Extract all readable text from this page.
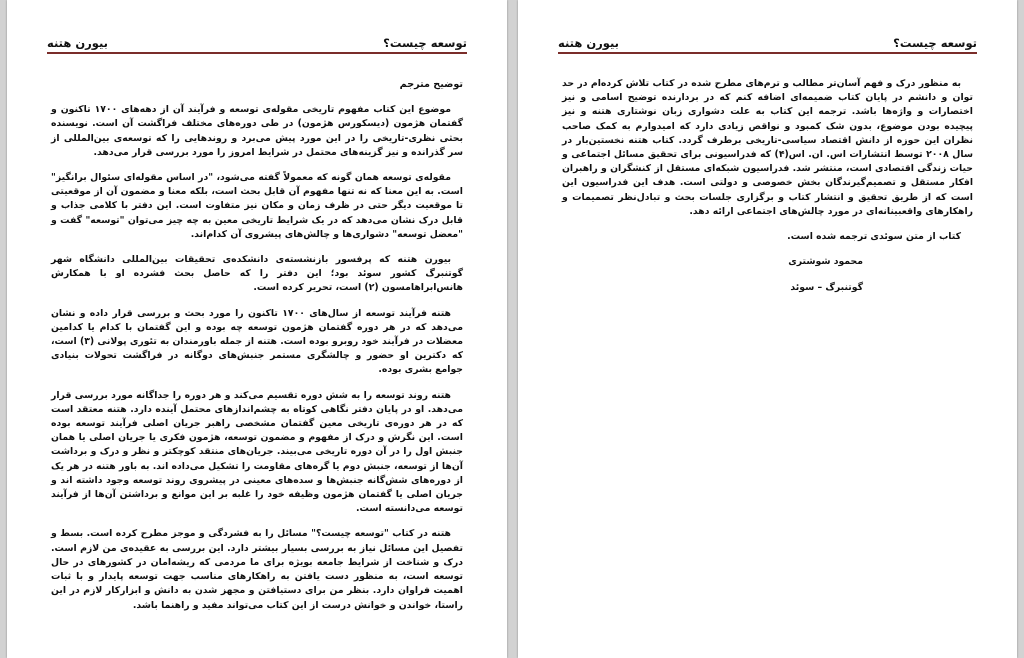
توسعه چیست؟
بیورن هتنه

توضیح مترجم

موضوع این کتاب مفهوم تاریخی مقوله‌ی توسعه و فرآیند آن از دهه‌های ۱۷۰۰ تاکنون و گفتمان هژمون (دیسکورس هژمون) در طی دوره‌های مختلف فراگشت آن است. نویسنده بحثی نظری-تاریخی را در این مورد پیش می‌برد و روندهایی را که توسعه‌ی بین‌المللی از سر گذرانده و نیز گزینه‌های محتمل در شرایط امروز را مورد بررسی قرار می‌دهد.

مقوله‌ی توسعه همان گونه که معمولاً گفته می‌شود، "در اساس مقوله‌ای سئوال برانگیز" است. به این معنا که نه تنها مفهوم آن قابل بحث است، بلکه معنا و مضمون آن از موقعیتی تا موقعیت دیگر حتی در ظرف زمان و مکان نیز متفاوت است. این دفتر با کلامی جذاب و قابل درک نشان می‌دهد که در یک شرایط تاریخی معین به چه چیز می‌توان "توسعه" گفت و "معضل توسعه" دشواری‌ها و چالش‌های پیشروی آن کدام‌اند.

بیورن هتنه که پرفسور بازنشسته‌ی دانشکده‌ی تحقیقات بین‌المللی دانشگاه شهر گوتنبرگ کشور سوئد بود؛ این دفتر را که حاصل بحث فشرده او با همکارش هانس‌ابراهامسون (۲) است، تحریر کرده است.

هتنه فرآیند توسعه از سال‌های ۱۷۰۰ تاکنون را مورد بحث و بررسی قرار داده و نشان می‌دهد که در هر دوره گفتمان هژمون توسعه چه بوده و این گفتمان با کدام یا کدامین معضلات در فرآیند خود روبرو بوده است. هتنه از جمله باورمندان به تئوری پولانی (۳) است، که دکترین او حضور و چالشگری مستمر جنبش‌های دوگانه در فراگشت تحولات بنیادی جوامع بشری بوده.

هتنه روند توسعه را به شش دوره تقسیم می‌کند و هر دوره را جداگانه مورد بررسی قرار می‌دهد. او در پایان دفتر نگاهی کوتاه به چشم‌اندازهای محتمل آینده دارد. هتنه معتقد است که در هر دوره‌ی تاریخی معین گفتمان مشخصی راهبر جریان اصلی فرآیند توسعه بوده است. این نگرش و درک از مفهوم و مضمون توسعه، هژمون فکری یا جریان اصلی یا همان جنبش اول را در آن دوره تاریخی می‌بیند. جریان‌های منتقد کوچکتر و نظر و درک و برداشت آن‌ها از توسعه، جنبش دوم یا گره‌های مقاومت را تشکیل می‌داده اند. به باور هتنه در هر یک از دوره‌های شش‌گانه جنبش‌ها و سده‌های معینی در پیشروی روند توسعه وجود داشته اند و جریان اصلی یا گفتمان هژمون وظیفه خود را غلبه بر این موانع و برداشتن آن‌ها از فرآیند توسعه می‌دانسته است.

هتنه در کتاب "توسعه چیست؟" مسائل را به فشردگی و موجز مطرح کرده است. بسط و تفصیل این مسائل نیاز به بررسی بسیار بیشتر دارد. این بررسی به عقیده‌ی من لازم است. درک و شناخت از شرایط جامعه بویژه برای ما مردمی که ریشه‌امان در کشورهای در حال توسعه است، به منظور دست یافتن به راهکارهای مناسب جهت توسعه پایدار و با ثبات اهمیت فراوان دارد. بنظر من برای دستیافتن و مجهز شدن به دانش و ابزارکار لازم در این راستا، خواندن و خوانش درست از این کتاب می‌تواند مفید و راهنما باشد.

توسعه چیست؟
بیورن هتنه

به منظور درک و فهم آسان‌تر مطالب و ترم‌های مطرح شده در کتاب تلاش کرده‌ام در حد توان و دانشم در پایان کتاب ضمیمه‌ای اضافه کنم که در بردارنده توضیح اسامی و نیز اختصارات و واژه‌ها باشد. ترجمه این کتاب به علت دشواری زبان نوشتاری هتنه و نیز پیچیده بودن موضوع، بدون شک کمبود و نواقص زیادی دارد که امیدوارم به کمک صاحب نظران این حوزه از دانش اقتصاد سیاسی-تاریخی برطرف گردد. کتاب هتنه نخستین‌بار در سال ۲۰۰۸ توسط انتشارات اس. ان. اس(۴) که فدراسیونی برای تحقیق مسائل اجتماعی و حیات زندگی اقتصادی است، منتشر شد. فدراسیون شبکه‌ای مستقل از کنشگران و راهبران افکار مستقل و تصمیم‌گیرندگان بخش خصوصی و دولتی است. هدف این فدراسیون این است که از طریق تحقیق و انتشار کتاب و برگزاری جلسات بحث و تبادل‌نظر تصمیمات و راهکارهای واقعبینانه‌ای در مورد چالش‌های اجتماعی ارائه دهد.

کتاب از متن سوئدی ترجمه شده است.

محمود شوشتری
گوتنبرگ – سوئد
